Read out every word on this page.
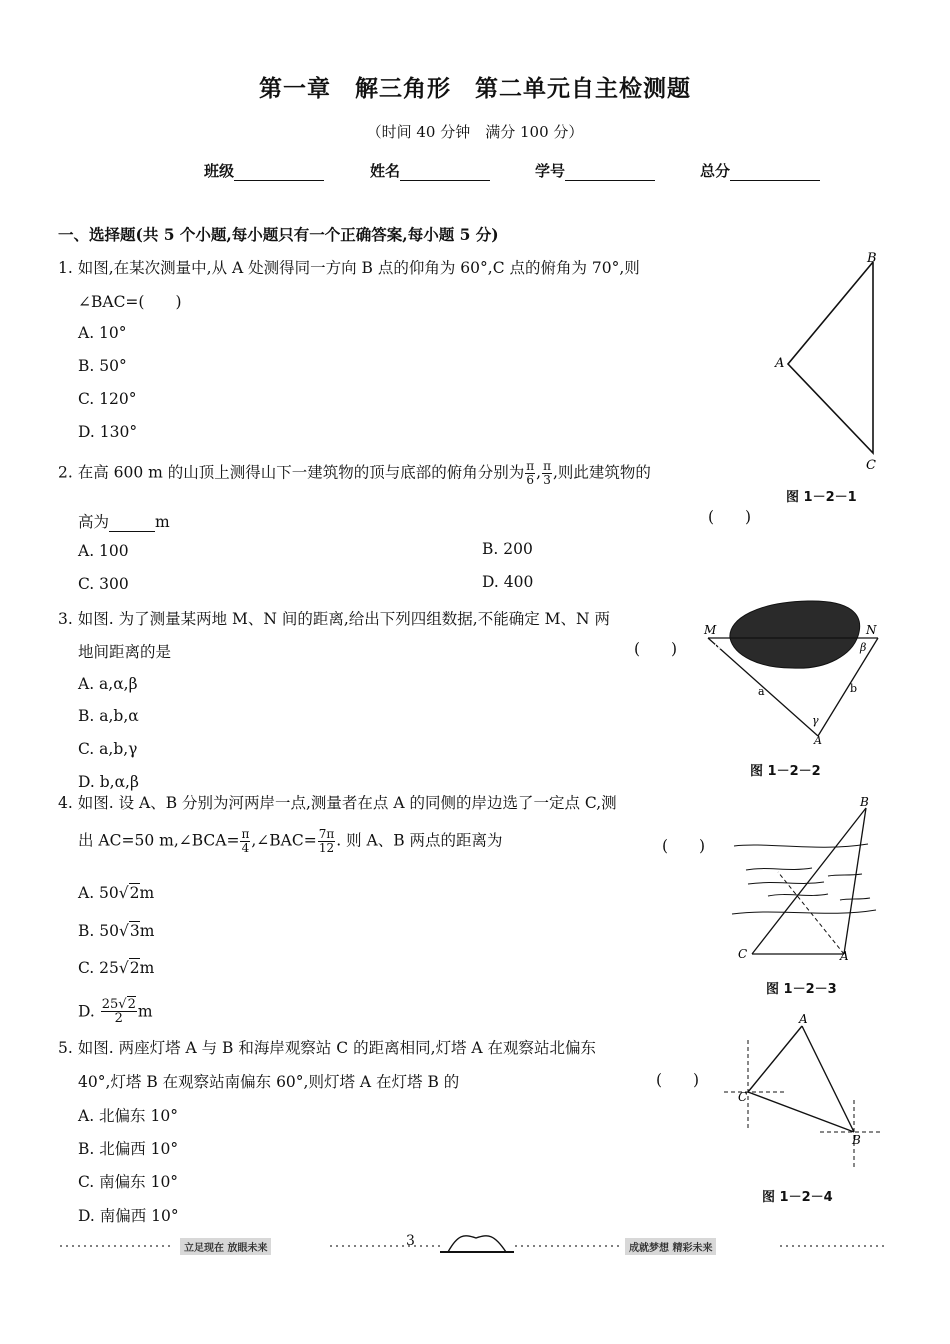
第一章　解三角形　第二单元自主检测题
（时间 40 分钟　满分 100 分）
班级	姓名	学号	总分
一、选择题(共 5 个小题,每小题只有一个正确答案,每小题 5 分)
1. 如图,在某次测量中,从 A 处测得同一方向 B 点的仰角为 60°,C 点的俯角为 70°,则
∠BAC=(　　)
A. 10°
B. 50°
C. 120°
D. 130°
B
A
C
图 1－2－1
2. 在高 600 m 的山顶上测得山下一建筑物的顶与底部的俯角分别为 $\frac{\pi}{6}$ , $\frac{\pi}{3}$ ,则此建筑物的
高为	m	(　　)
A. 100	B. 200
C. 300	D. 400
3. 如图. 为了测量某两地 M、N 间的距离,给出下列四组数据,不能确定 M、N 两
地间距离的是	(　　)
A. a,α,β
B. a,b,α
C. a,b,γ
D. b,α,β
M	N
α	β
a	b
γ
A
图 1－2－2
4. 如图. 设 A、B 分别为河两岸一点,测量者在点 A 的同侧的岸边选了一定点 C,测
出 AC=50 m,∠BCA= $\frac{\pi}{4}$ ,∠BAC= $\frac{7\pi}{12}$ . 则 A、B 两点的距离为	(　　)
A. 50√2m
B. 50√3m
C. 25√2m
D. $\frac{25√2}{2}$ m
B
C	A
图 1－2－3
5. 如图. 两座灯塔 A 与 B 和海岸观察站 C 的距离相同,灯塔 A 在观察站北偏东
40°,灯塔 B 在观察站南偏东 60°,则灯塔 A 在灯塔 B 的	(　　)
A. 北偏东 10°
B. 北偏西 10°
C. 南偏东 10°
D. 南偏西 10°
A
C
B
图 1－2－4
3
立足现在 放眼未来	成就梦想 精彩未来
